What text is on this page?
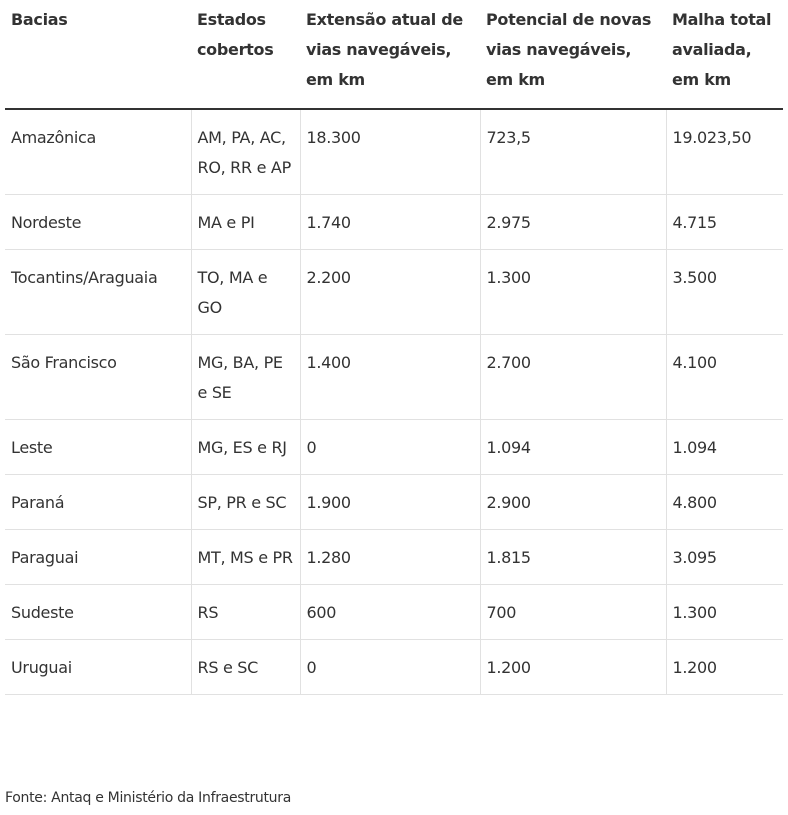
Bacias	Estados cobertos	Extensão atual de vias navegáveis, em km	Potencial de novas vias navegáveis, em km	Malha total avaliada, em km
Amazônica	AM, PA, AC, RO, RR e AP	18.300	723,5	19.023,50
Nordeste	MA e PI	1.740	2.975	4.715
Tocantins/Araguaia	TO, MA e GO	2.200	1.300	3.500
São Francisco	MG, BA, PE e SE	1.400	2.700	4.100
Leste	MG, ES e RJ	0	1.094	1.094
Paraná	SP, PR e SC	1.900	2.900	4.800
Paraguai	MT, MS e PR	1.280	1.815	3.095
Sudeste	RS	600	700	1.300
Uruguai	RS e SC	0	1.200	1.200
Fonte: Antaq e Ministério da Infraestrutura
